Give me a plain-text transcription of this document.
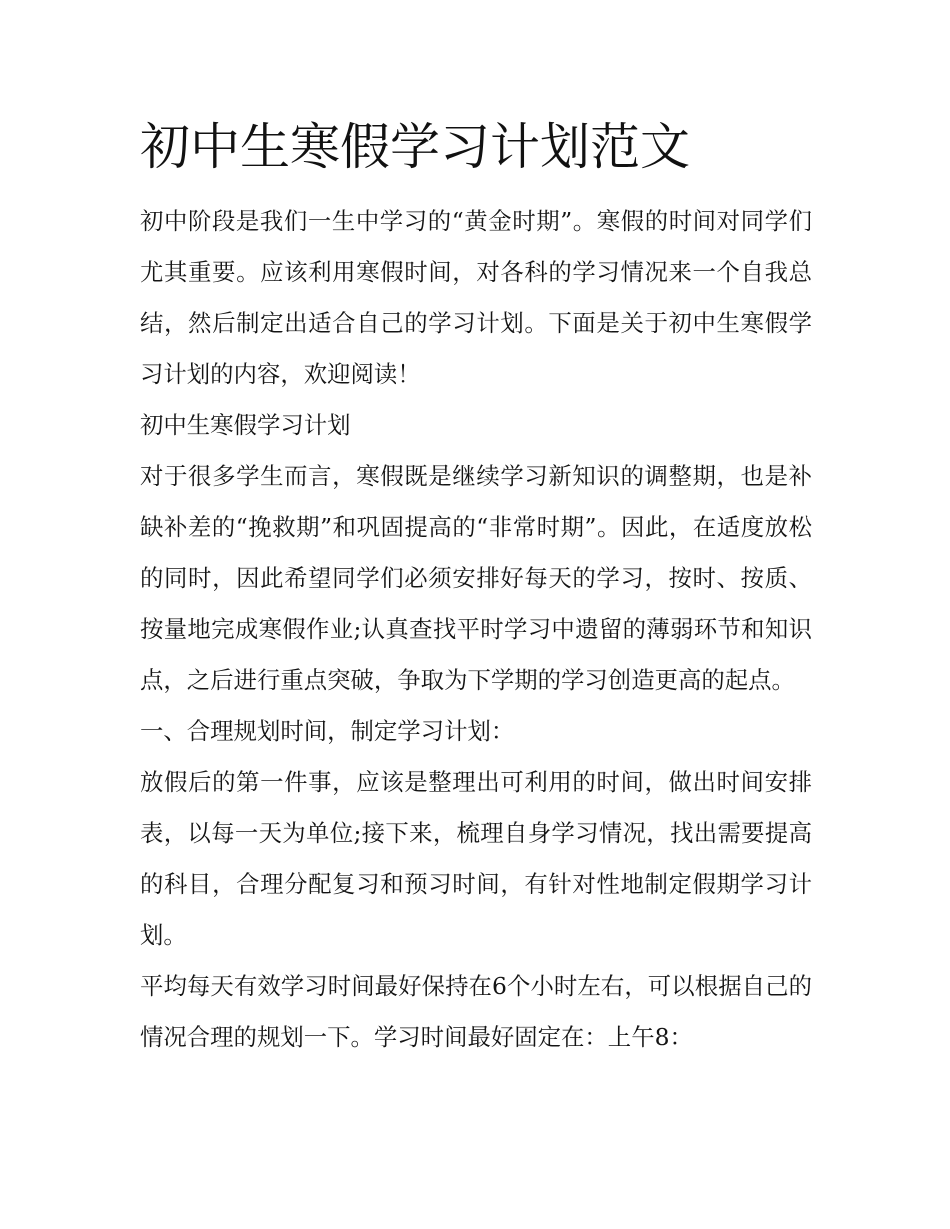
初中生寒假学习计划范文

初中阶段是我们一生中学习的“黄金时期”。寒假的时间对同学们尤其重要。应该利用寒假时间，对各科的学习情况来一个自我总结，然后制定出适合自己的学习计划。下面是关于初中生寒假学习计划的内容，欢迎阅读！

初中生寒假学习计划

对于很多学生而言，寒假既是继续学习新知识的调整期，也是补缺补差的“挽救期”和巩固提高的“非常时期”。因此，在适度放松的同时，因此希望同学们必须安排好每天的学习，按时、按质、按量地完成寒假作业;认真查找平时学习中遗留的薄弱环节和知识点，之后进行重点突破，争取为下学期的学习创造更高的起点。

一、合理规划时间，制定学习计划：

放假后的第一件事，应该是整理出可利用的时间，做出时间安排表，以每一天为单位;接下来，梳理自身学习情况，找出需要提高的科目，合理分配复习和预习时间，有针对性地制定假期学习计划。

平均每天有效学习时间最好保持在6个小时左右，可以根据自己的情况合理的规划一下。学习时间最好固定在：上午8：
